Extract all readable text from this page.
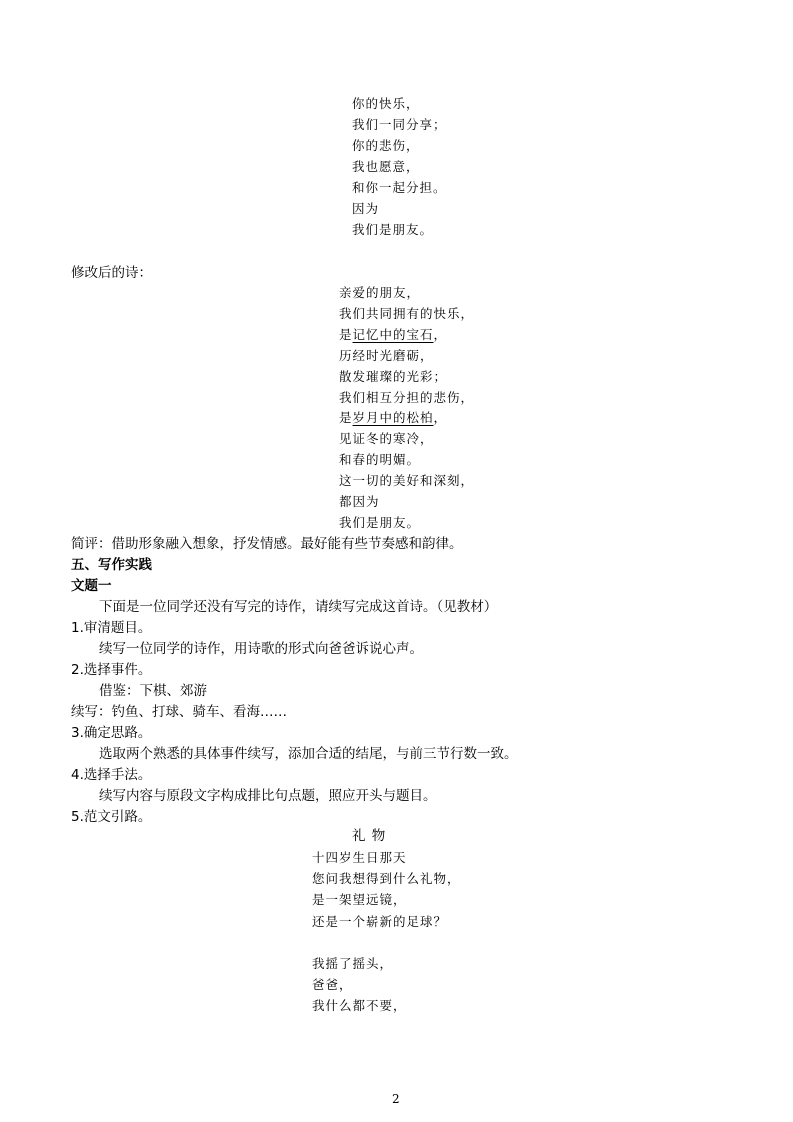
你的快乐，
我们一同分享；
你的悲伤，
我也愿意，
和你一起分担。
因为
我们是朋友。
修改后的诗：
亲爱的朋友，
我们共同拥有的快乐，
是记忆中的宝石，
历经时光磨砺，
散发璀璨的光彩；
我们相互分担的悲伤，
是岁月中的松柏，
见证冬的寒冷，
和春的明媚。
这一切的美好和深刻，
都因为
我们是朋友。
简评：借助形象融入想象，抒发情感。最好能有些节奏感和韵律。
五、写作实践
文题一
下面是一位同学还没有写完的诗作，请续写完成这首诗。（见教材）
1.审清题目。
续写一位同学的诗作，用诗歌的形式向爸爸诉说心声。
2.选择事件。
借鉴：下棋、郊游
续写：钓鱼、打球、骑车、看海……
3.确定思路。
选取两个熟悉的具体事件续写，添加合适的结尾，与前三节行数一致。
4.选择手法。
续写内容与原段文字构成排比句点题，照应开头与题目。
5.范文引路。
礼 物
十四岁生日那天
您问我想得到什么礼物，
是一架望远镜，
还是一个崭新的足球？
我摇了摇头，
爸爸，
我什么都不要，
2
